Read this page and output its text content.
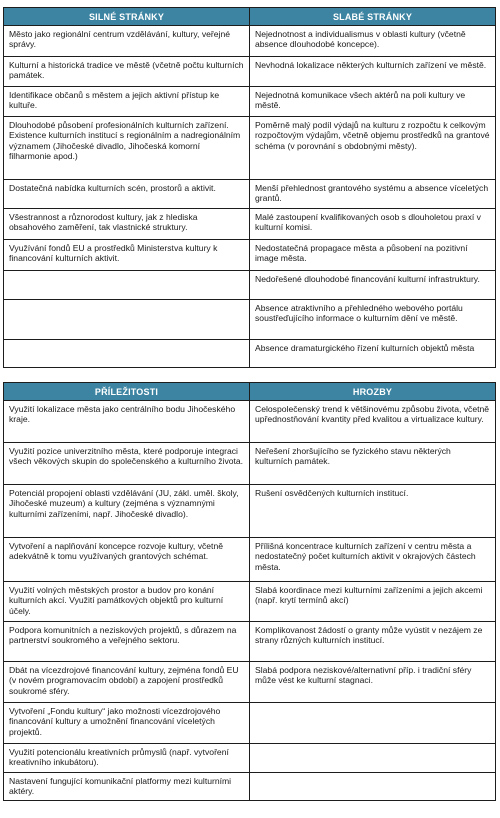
SILNÉ STRÁNKY	SLABÉ STRÁNKY
Město jako regionální centrum vzdělávání, kultury, veřejné správy.	Nejednotnost a individualismus v oblasti kultury (včetně absence dlouhodobé koncepce).
Kulturní a historická tradice ve městě (včetně počtu kulturních památek.	Nevhodná lokalizace některých kulturních zařízení ve městě.
Identifikace občanů s městem a jejich aktivní přístup ke kultuře.	Nejednotná komunikace všech aktérů na poli kultury ve městě.
Dlouhodobé působení profesionálních kulturních zařízení. Existence kulturních institucí s regionálním a nadregionálním významem (Jihočeské divadlo, Jihočeská komorní filharmonie apod.)	Poměrně malý podíl výdajů na kulturu z rozpočtu k celkovým rozpočtovým výdajům, včetně objemu prostředků na grantové schéma (v porovnání s obdobnými městy).
Dostatečná nabídka kulturních scén, prostorů a aktivit.	Menší přehlednost grantového systému a absence víceletých grantů.
Všestrannost a různorodost kultury, jak z hlediska obsahového zaměření, tak vlastnické struktury.	Malé zastoupení kvalifikovaných osob s dlouholetou praxí v kulturní komisi.
Využívání fondů EU a prostředků Ministerstva kultury k financování kulturních aktivit.	Nedostatečná propagace města a působení na pozitivní image města.
	Nedořešené dlouhodobé financování kulturní infrastruktury.
	Absence atraktivního a přehledného webového portálu soustřeďujícího informace o kulturním dění ve městě.
	Absence dramaturgického řízení kulturních objektů města
PŘÍLEŽITOSTI	HROZBY
Využití lokalizace města jako centrálního bodu Jihočeského kraje.	Celospolečenský trend k většinovému způsobu života, včetně upřednostňování kvantity před kvalitou a virtualizace kultury.
Využití pozice univerzitního města, které podporuje integraci všech věkových skupin do společenského a kulturního života.	Neřešení zhoršujícího se fyzického stavu některých kulturních památek.
Potenciál propojení oblasti vzdělávání (JU, zákl. uměl. školy, Jihočeské muzeum) a kultury (zejména s významnými kulturními zařízeními, např. Jihočeské divadlo).	Rušení osvědčených kulturních institucí.
Vytvoření a naplňování koncepce rozvoje kultury, včetně adekvátně k tomu využívaných grantových schémat.	Přílišná koncentrace kulturních zařízení v centru města a nedostatečný počet kulturních aktivit v okrajových částech města.
Využití volných městských prostor a budov pro konání kulturních akcí. Využití památkových objektů pro kulturní účely.	Slabá koordinace mezi kulturními zařízeními a jejich akcemi (např. krytí termínů akcí)
Podpora komunitních a neziskových projektů, s důrazem na partnerství soukromého a veřejného sektoru.	Komplikovanost žádostí o granty může vyústit v nezájem ze strany různých kulturních institucí.
Dbát na vícezdrojové financování kultury, zejména fondů EU (v novém programovacím období) a zapojení prostředků soukromé sféry.	Slabá podpora neziskové/alternativní příp. i tradiční sféry může vést ke kulturní stagnaci.
Vytvoření „Fondu kultury“ jako možnosti vícezdrojového financování kultury a umožnění financování víceletých projektů.	
Využití potencionálu kreativních průmyslů (např. vytvoření kreativního inkubátoru).	
Nastavení fungující komunikační platformy mezi kulturními aktéry.	
